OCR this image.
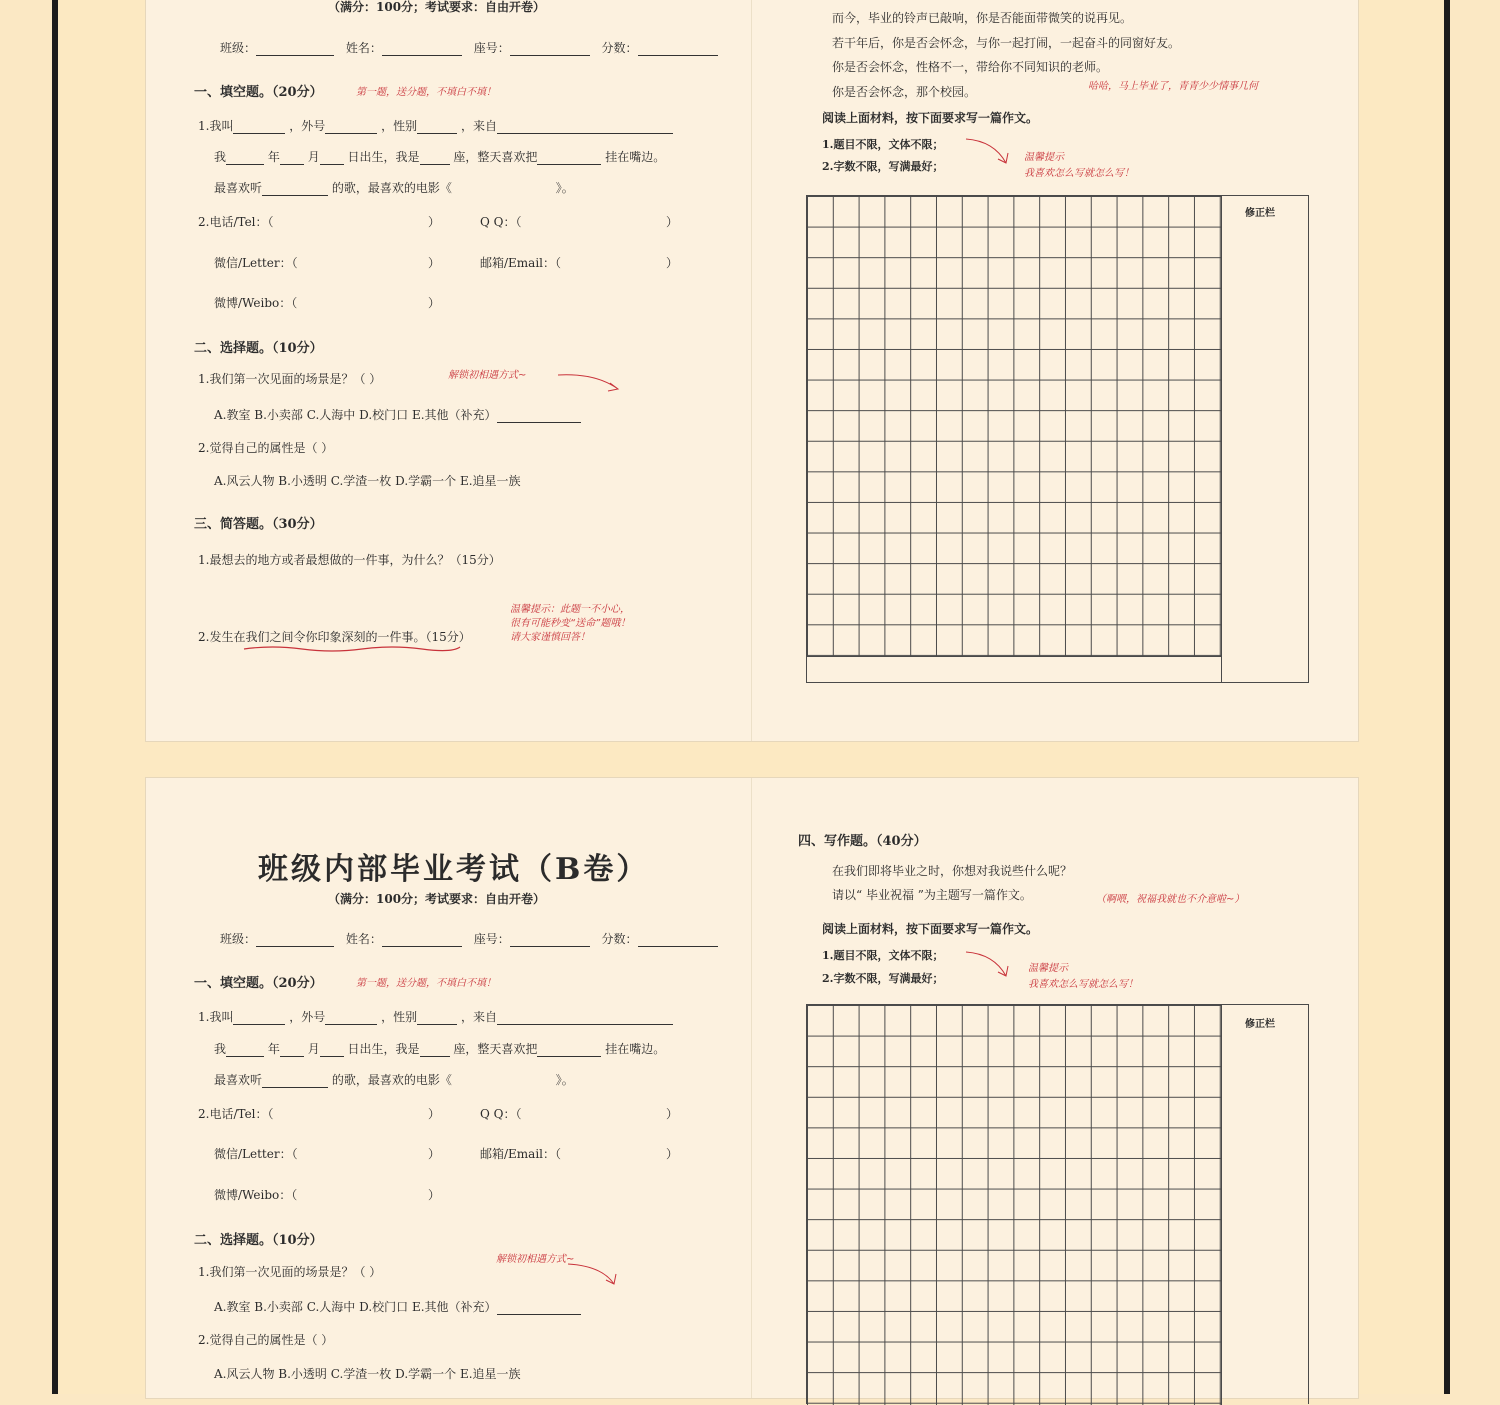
（满分：100分；考试要求：自由开卷）
班级：	姓名：	座号：	分数：
一、填空题。（20分）	第一题，送分题，不填白不填！
1.我叫	，外号	，性别	，来自
我	年 月 日出生，我是	座，整天喜欢把	挂在嘴边。
最喜欢听	的歌，最喜欢的电影《	》。
2.电话/Tel：（	）	Q Q：（	）
微信/Letter：（	）	邮箱/Email：（	）
微博/Weibo：（	）
二、选择题。（10分）
1.我们第一次见面的场景是？（ ）	解锁初相遇方式~
A.教室 B.小卖部 C.人海中 D.校门口 E.其他（补充）
2.觉得自己的属性是（ ）
A.风云人物 B.小透明 C.学渣一枚 D.学霸一个 E.追星一族
三、简答题。（30分）
1.最想去的地方或者最想做的一件事，为什么？（15分）
2.发生在我们之间令你印象深刻的一件事。（15分）
温馨提示：此题一不小心，
很有可能秒变“送命”题哦！
请大家谨慎回答！
而今，毕业的铃声已敲响，你是否能面带微笑的说再见。
若干年后，你是否会怀念，与你一起打闹，一起奋斗的同窗好友。
你是否会怀念，性格不一，带给你不同知识的老师。
你是否会怀念，那个校园。	哈哈，马上毕业了，青青少少情事几何
阅读上面材料，按下面要求写一篇作文。
1.题目不限，文体不限；
2.字数不限，写满最好；
温馨提示
我喜欢怎么写就怎么写！
修正栏
班级内部毕业考试（B卷）
（满分：100分；考试要求：自由开卷）
班级：	姓名：	座号：	分数：
一、填空题。（20分）	第一题，送分题，不填白不填！
1.我叫	，外号	，性别	，来自
我	年 月 日出生，我是	座，整天喜欢把	挂在嘴边。
最喜欢听	的歌，最喜欢的电影《	》。
2.电话/Tel：（	）	Q Q：（	）
微信/Letter：（	）	邮箱/Email：（	）
微博/Weibo：（	）
二、选择题。（10分）
1.我们第一次见面的场景是？（ ）
解锁初相遇方式~
A.教室 B.小卖部 C.人海中 D.校门口 E.其他（补充）
2.觉得自己的属性是（ ）
A.风云人物 B.小透明 C.学渣一枚 D.学霸一个 E.追星一族
四、写作题。（40分）
在我们即将毕业之时，你想对我说些什么呢？
请以“ 毕业祝福 ”为主题写一篇作文。	（啊喂，祝福我就也不介意啦~）
阅读上面材料，按下面要求写一篇作文。
1.题目不限，文体不限；
2.字数不限，写满最好；
温馨提示
我喜欢怎么写就怎么写！
修正栏
